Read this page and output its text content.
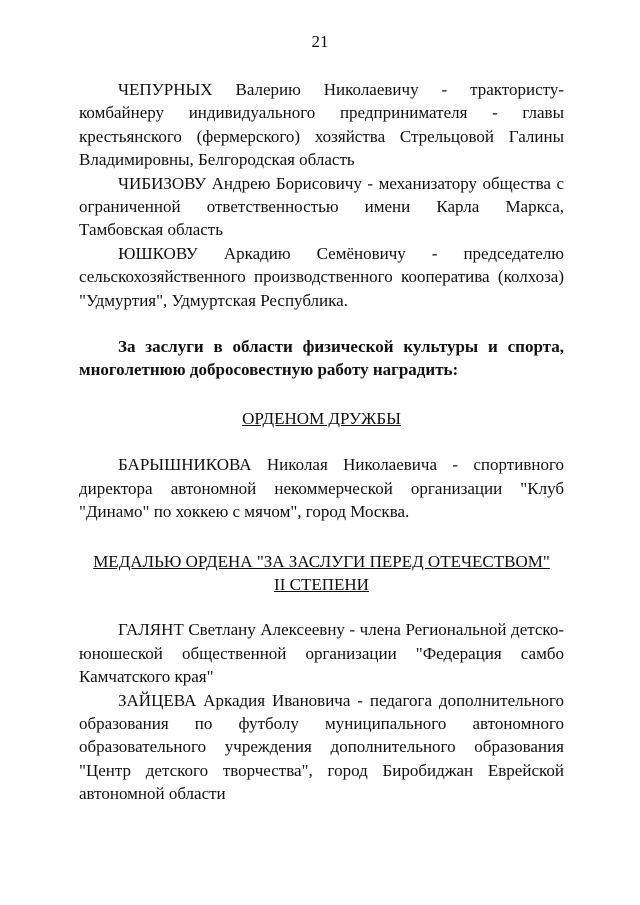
21

ЧЕПУРНЫХ Валерию Николаевичу - трактористу-комбайнеру индивидуального предпринимателя - главы крестьянского (фермерского) хозяйства Стрельцовой Галины Владимировны, Белгородская область

ЧИБИЗОВУ Андрею Борисовичу - механизатору общества с ограниченной ответственностью имени Карла Маркса, Тамбовская область

ЮШКОВУ Аркадию Семёновичу - председателю сельскохозяйственного производственного кооператива (колхоза) "Удмуртия", Удмуртская Республика.

За заслуги в области физической культуры и спорта, многолетнюю добросовестную работу наградить:

ОРДЕНОМ ДРУЖБЫ

БАРЫШНИКОВА Николая Николаевича - спортивного директора автономной некоммерческой организации "Клуб "Динамо" по хоккею с мячом", город Москва.

МЕДАЛЬЮ ОРДЕНА "ЗА ЗАСЛУГИ ПЕРЕД ОТЕЧЕСТВОМ"
II СТЕПЕНИ

ГАЛЯНТ Светлану Алексеевну - члена Региональной детско-юношеской общественной организации "Федерация самбо Камчатского края"

ЗАЙЦЕВА Аркадия Ивановича - педагога дополнительного образования по футболу муниципального автономного образовательного учреждения дополнительного образования "Центр детского творчества", город Биробиджан Еврейской автономной области
